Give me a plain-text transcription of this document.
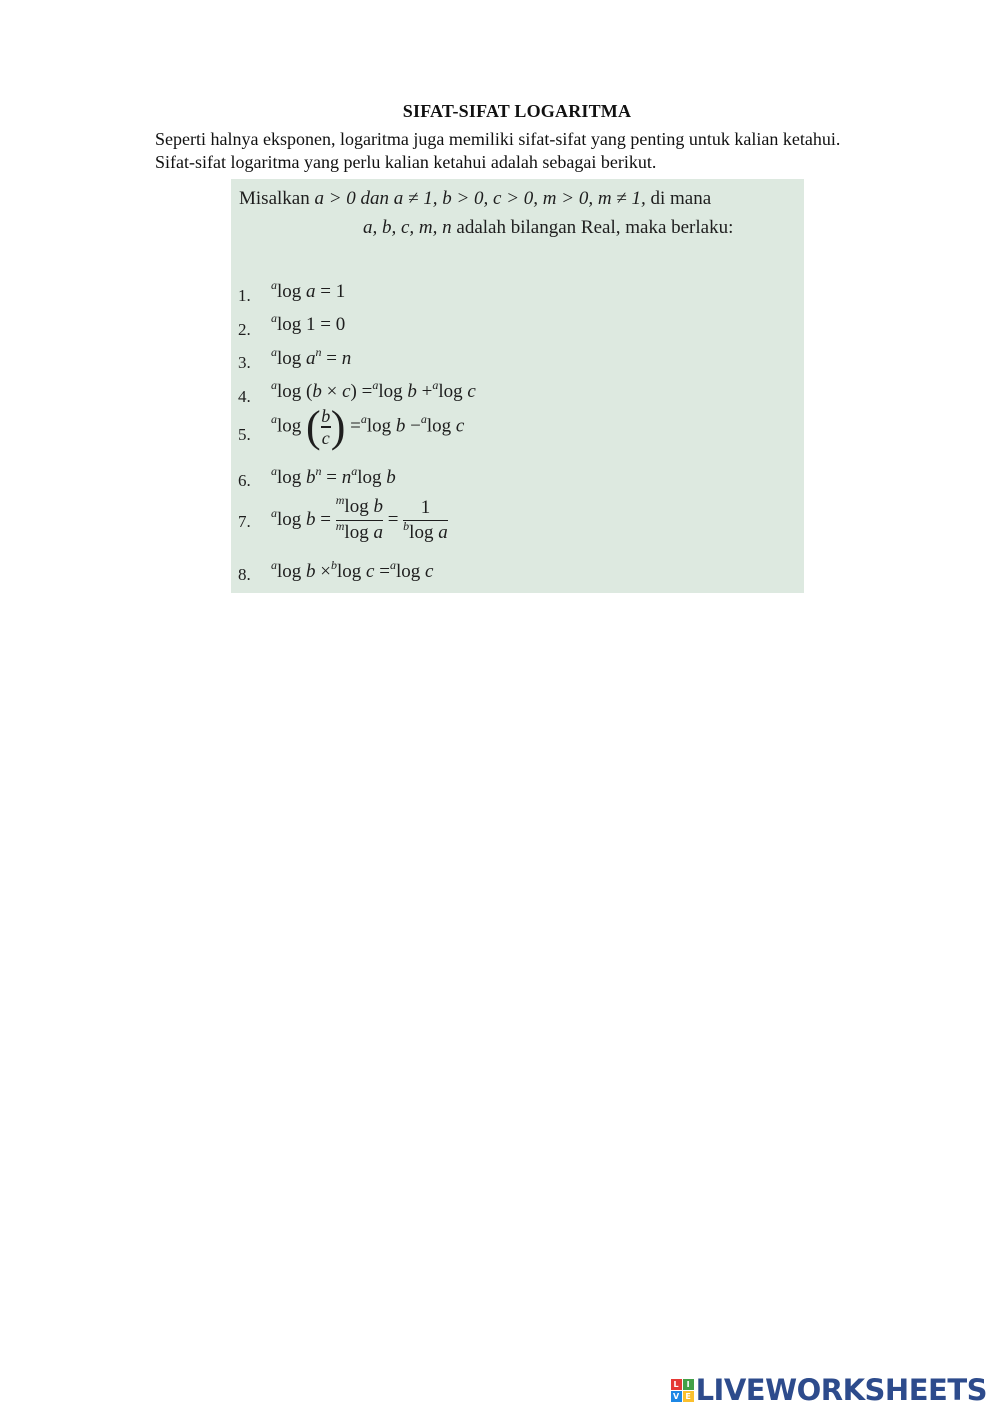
SIFAT-SIFAT LOGARITMA
Seperti halnya eksponen, logaritma juga memiliki sifat-sifat yang penting untuk kalian ketahui. Sifat-sifat logaritma yang perlu kalian ketahui adalah sebagai berikut.
Misalkan a > 0 dan a ≠ 1, b > 0, c > 0, m > 0, m ≠ 1, di mana
a, b, c, m, n adalah bilangan Real, maka berlaku:
1.
$^a$log a = 1
2.
$^a$log 1 = 0
3.
$^a$log $a^n = n$
4.
$^a$log (b × c) =$^a$log b +$^a$log c
5.
$^a$log ( $\frac{b}{c}$ ) =$^a$log b −$^a$log c
6. $^a$log $b^n = n^a\log$ b
7. $^a$log $b = \frac{^m\log b}{^m\log a} = \frac{1}{^b\log a}$
8. $^a$log b ×$^b$log c =$^a$log c
L I
V E LIVEWORKSHEETS
